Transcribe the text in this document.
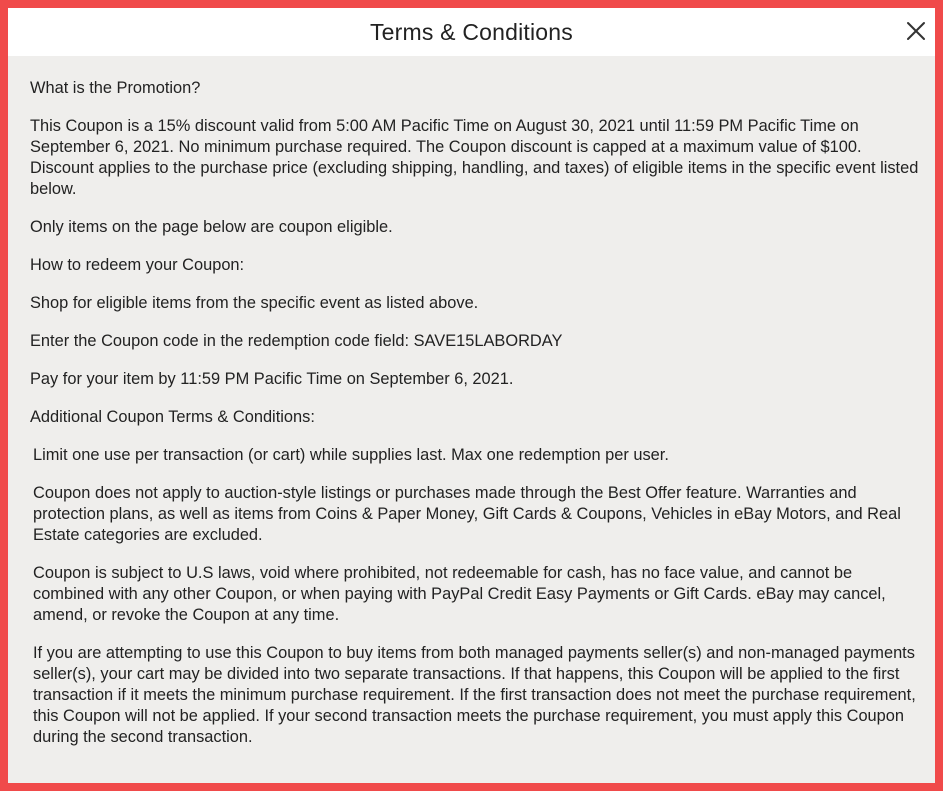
Terms & Conditions

What is the Promotion?

This Coupon is a 15% discount valid from 5:00 AM Pacific Time on August 30, 2021 until 11:59 PM Pacific Time on September 6, 2021. No minimum purchase required. The Coupon discount is capped at a maximum value of $100. Discount applies to the purchase price (excluding shipping, handling, and taxes) of eligible items in the specific event listed below.

Only items on the page below are coupon eligible.

How to redeem your Coupon:

Shop for eligible items from the specific event as listed above.

Enter the Coupon code in the redemption code field: SAVE15LABORDAY

Pay for your item by 11:59 PM Pacific Time on September 6, 2021.

Additional Coupon Terms & Conditions:

Limit one use per transaction (or cart) while supplies last. Max one redemption per user.

Coupon does not apply to auction-style listings or purchases made through the Best Offer feature. Warranties and protection plans, as well as items from Coins & Paper Money, Gift Cards & Coupons, Vehicles in eBay Motors, and Real Estate categories are excluded.

Coupon is subject to U.S laws, void where prohibited, not redeemable for cash, has no face value, and cannot be combined with any other Coupon, or when paying with PayPal Credit Easy Payments or Gift Cards. eBay may cancel, amend, or revoke the Coupon at any time.

If you are attempting to use this Coupon to buy items from both managed payments seller(s) and non-managed payments seller(s), your cart may be divided into two separate transactions. If that happens, this Coupon will be applied to the first transaction if it meets the minimum purchase requirement. If the first transaction does not meet the purchase requirement, this Coupon will not be applied. If your second transaction meets the purchase requirement, you must apply this Coupon during the second transaction.
